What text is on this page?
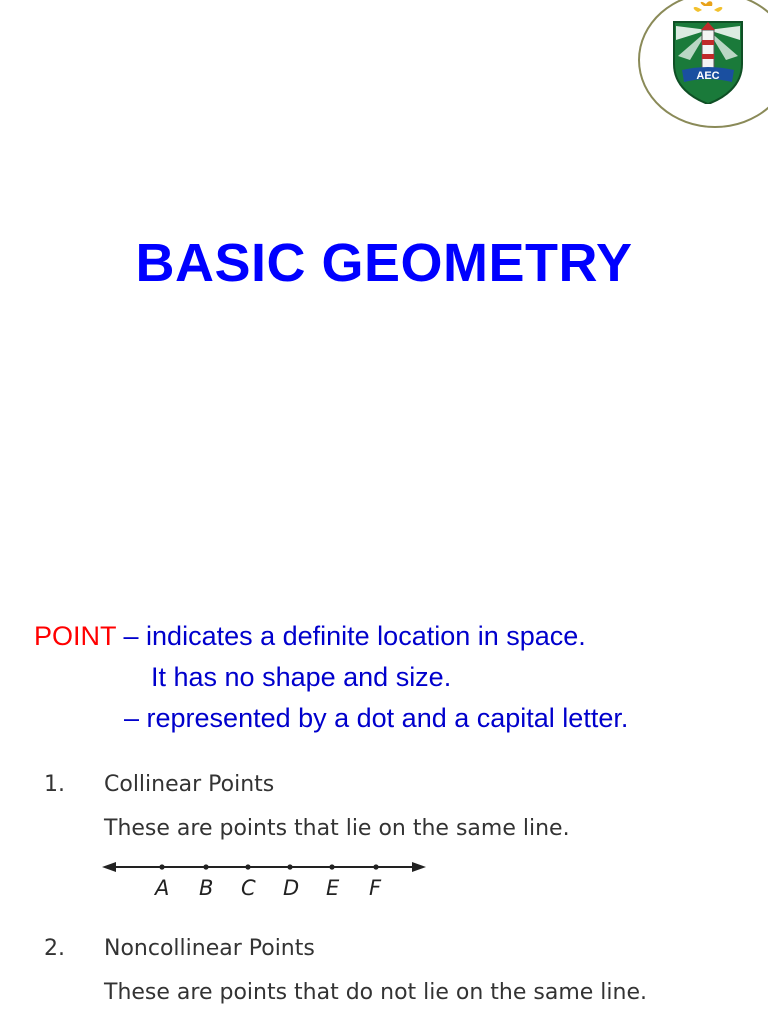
AEC
BASIC GEOMETRY
POINT – indicates a definite location in space.
It has no shape and size.
– represented by a dot and a capital letter.
1. Collinear Points
These are points that lie on the same line.
A B C D E F
2. Noncollinear Points
These are points that do not lie on the same line.
